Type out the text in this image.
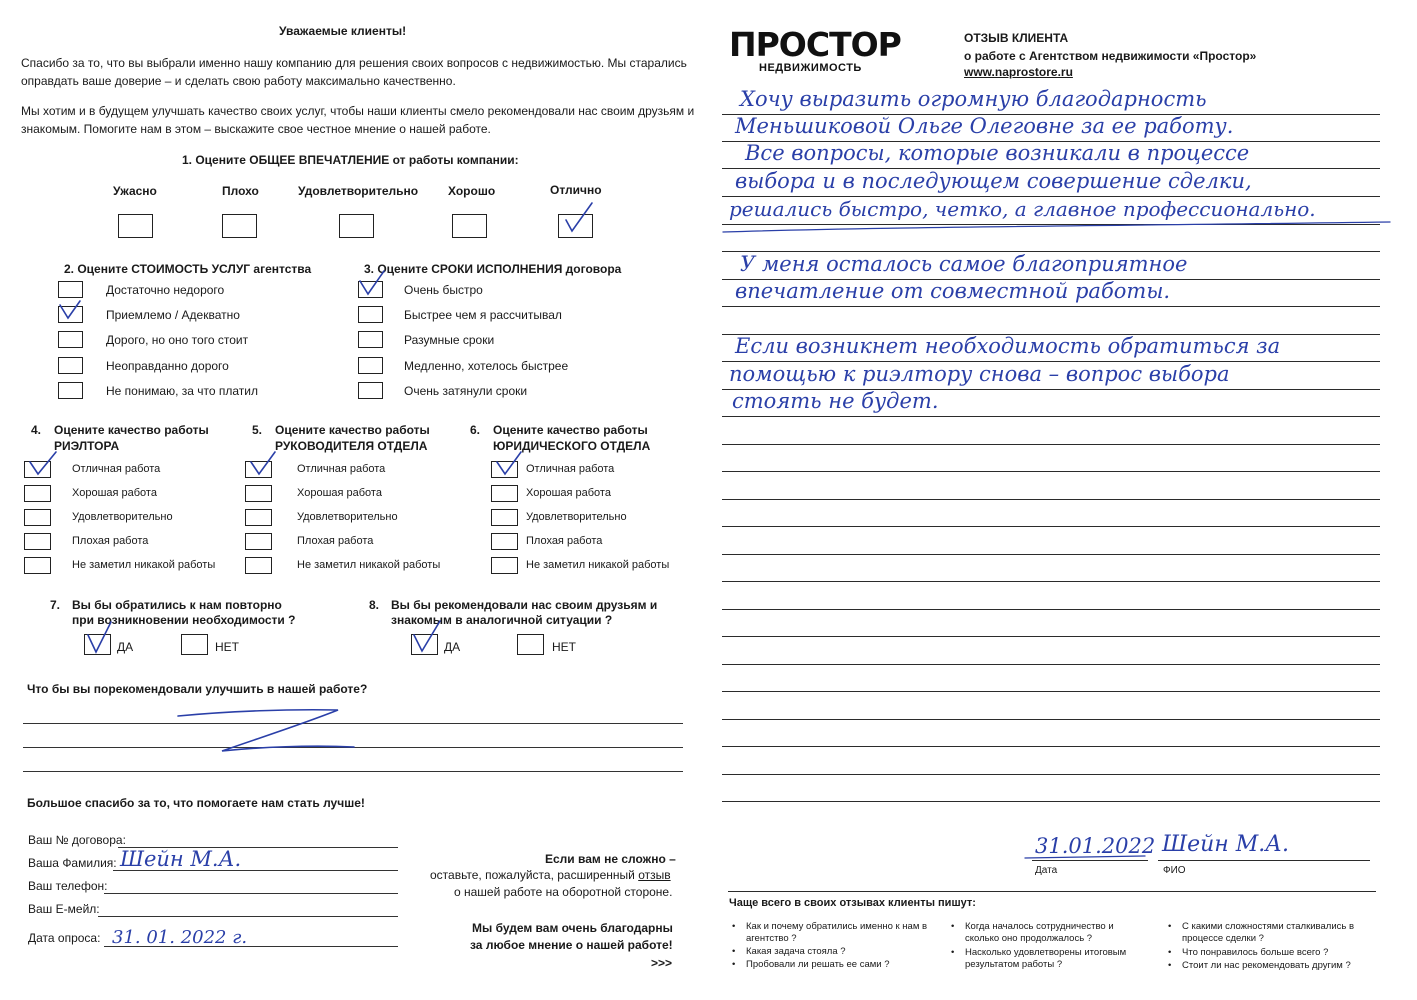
Уважаемые клиенты!
Спасибо за то, что вы выбрали именно нашу компанию для решения своих вопросов с недвижимостью. Мы старались
оправдать ваше доверие – и сделать свою работу максимально качественно.
Мы хотим и в будущем улучшать качество своих услуг, чтобы наши клиенты смело рекомендовали нас своим друзьям и
знакомым. Помогите нам в этом – выскажите свое честное мнение о нашей работе.
1. Оцените ОБЩЕЕ ВПЕЧАТЛЕНИЕ от работы компании:
Ужасно	Плохо	Удовлетворительно Хорошо	Отлично
2. Оцените СТОИМОСТЬ УСЛУГ агентства
Достаточно недорого
Приемлемо / Адекватно
Дорого, но оно того стоит
Неоправданно дорого
Не понимаю, за что платил
3. Оцените СРОКИ ИСПОЛНЕНИЯ договора
Очень быстро
Быстрее чем я рассчитывал
Разумные сроки
Медленно, хотелось быстрее
Очень затянули сроки
4. Оцените качество работы
РИЭЛТОРА
5. Оцените качество работы
РУКОВОДИТЕЛЯ ОТДЕЛА
6. Оцените качество работы
ЮРИДИЧЕСКОГО ОТДЕЛА
Отличная работа
Хорошая работа
Удовлетворительно
Плохая работа
Не заметил никакой работы
Отличная работа
Хорошая работа
Удовлетворительно
Плохая работа
Не заметил никакой работы
Отличная работа
Хорошая работа
Удовлетворительно
Плохая работа
Не заметил никакой работы
7. Вы бы обратились к нам повторно
при возникновении необходимости ?
ДА	НЕТ
8. Вы бы рекомендовали нас своим друзьям и
знакомым в аналогичной ситуации ?
ДА	НЕТ
Что бы вы порекомендовали улучшить в нашей работе?
Большое спасибо за то, что помогаете нам стать лучше!
Ваш № договора:
Ваша Фамилия: Шейн М.А.
Ваш телефон:
Ваш Е-мейл:
Дата опроса: 31. 01. 2022 г.
Если вам не сложно –
оставьте, пожалуйста, расширенный отзыв
о нашей работе на оборотной стороне.
Мы будем вам очень благодарны
за любое мнение о нашей работе!
>>>
ПРОСТОР
НЕДВИЖИМОСТЬ
ОТЗЫВ КЛИЕНТА
о работе с Агентством недвижимости «Простор»
www.naprostore.ru
Хочу выразить огромную благодарность
Меньшиковой Ольге Олеговне за ее работу.
Все вопросы, которые возникали в процессе
выбора и в последующем совершение сделки,
решались быстро, четко, а главное профессионально.
У меня осталось самое благоприятное
впечатление от совместной работы.
Если возникнет необходимость обратиться за
помощью к риэлтору снова – вопрос выбора
стоять не будет.
31.01.2022 Шейн М.А.
Дата	ФИО
Чаще всего в своих отзывах клиенты пишут:
• Как и почему обратились именно к нам в агентство ?
• Какая задача стояла ?
• Пробовали ли решать ее сами ?
• Когда началось сотрудничество и сколько оно продолжалось ?
• Насколько удовлетворены итоговым результатом работы ?
• С какими сложностями сталкивались в процессе сделки ?
• Что понравилось больше всего ?
• Стоит ли нас рекомендовать другим ?
